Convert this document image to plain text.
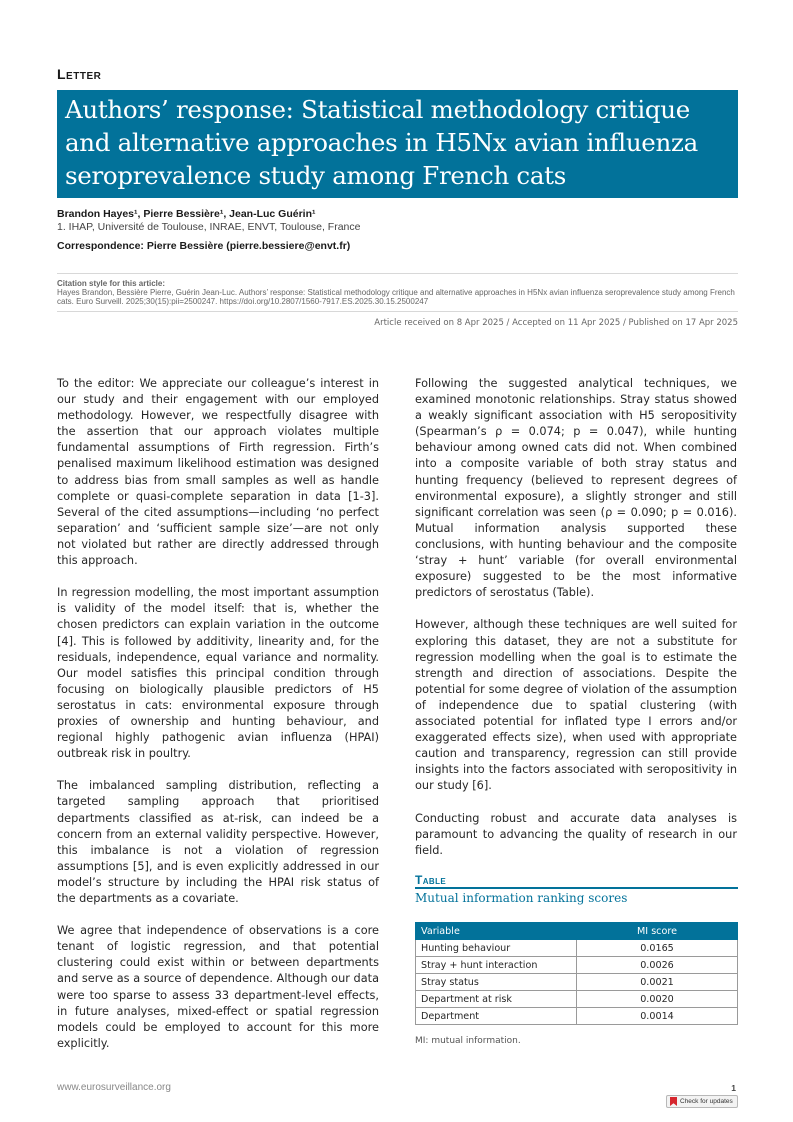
Letter
Authors’ response: Statistical methodology critique and alternative approaches in H5Nx avian influenza seroprevalence study among French cats
Brandon Hayes¹, Pierre Bessière¹, Jean-Luc Guérin¹
1. IHAP, Université de Toulouse, INRAE, ENVT, Toulouse, France
Correspondence: Pierre Bessière (pierre.bessiere@envt.fr)
Citation style for this article:
Hayes Brandon, Bessière Pierre, Guérin Jean-Luc. Authors’ response: Statistical methodology critique and alternative approaches in H5Nx avian influenza seroprevalence study among French cats. Euro Surveill. 2025;30(15):pii=2500247. https://doi.org/10.2807/1560-7917.ES.2025.30.15.2500247
Article received on 8 Apr 2025 / Accepted on 11 Apr 2025 / Published on 17 Apr 2025

To the editor: We appreciate our colleague’s interest in our study and their engagement with our employed methodology. However, we respectfully disagree with the assertion that our approach violates multiple fundamental assumptions of Firth regression. Firth’s penalised maximum likelihood estimation was designed to address bias from small samples as well as handle complete or quasi-complete separation in data [1-3]. Several of the cited assumptions—including ‘no perfect separation’ and ‘sufficient sample size’—are not only not violated but rather are directly addressed through this approach.

In regression modelling, the most important assumption is validity of the model itself: that is, whether the chosen predictors can explain variation in the outcome [4]. This is followed by additivity, linearity and, for the residuals, independence, equal variance and normality. Our model satisfies this principal condition through focusing on biologically plausible predictors of H5 serostatus in cats: environmental exposure through proxies of ownership and hunting behaviour, and regional highly pathogenic avian influenza (HPAI) outbreak risk in poultry.

The imbalanced sampling distribution, reflecting a targeted sampling approach that prioritised departments classified as at-risk, can indeed be a concern from an external validity perspective. However, this imbalance is not a violation of regression assumptions [5], and is even explicitly addressed in our model’s structure by including the HPAI risk status of the departments as a covariate.

We agree that independence of observations is a core tenant of logistic regression, and that potential clustering could exist within or between departments and serve as a source of dependence. Although our data were too sparse to assess 33 department-level effects, in future analyses, mixed-effect or spatial regression models could be employed to account for this more explicitly.

Following the suggested analytical techniques, we examined monotonic relationships. Stray status showed a weakly significant association with H5 seropositivity (Spearman’s ρ = 0.074; p = 0.047), while hunting behaviour among owned cats did not. When combined into a composite variable of both stray status and hunting frequency (believed to represent degrees of environmental exposure), a slightly stronger and still significant correlation was seen (ρ = 0.090; p = 0.016). Mutual information analysis supported these conclusions, with hunting behaviour and the composite ‘stray + hunt’ variable (for overall environmental exposure) suggested to be the most informative predictors of serostatus (Table).

However, although these techniques are well suited for exploring this dataset, they are not a substitute for regression modelling when the goal is to estimate the strength and direction of associations. Despite the potential for some degree of violation of the assumption of independence due to spatial clustering (with associated potential for inflated type I errors and/or exaggerated effects size), when used with appropriate caution and transparency, regression can still provide insights into the factors associated with seropositivity in our study [6].

Conducting robust and accurate data analyses is paramount to advancing the quality of research in our field.

Table
Mutual information ranking scores
Variable	MI score
Hunting behaviour	0.0165
Stray + hunt interaction	0.0026
Stray status	0.0021
Department at risk	0.0020
Department	0.0014
MI: mutual information.
www.eurosurveillance.org	1
Check for updates
